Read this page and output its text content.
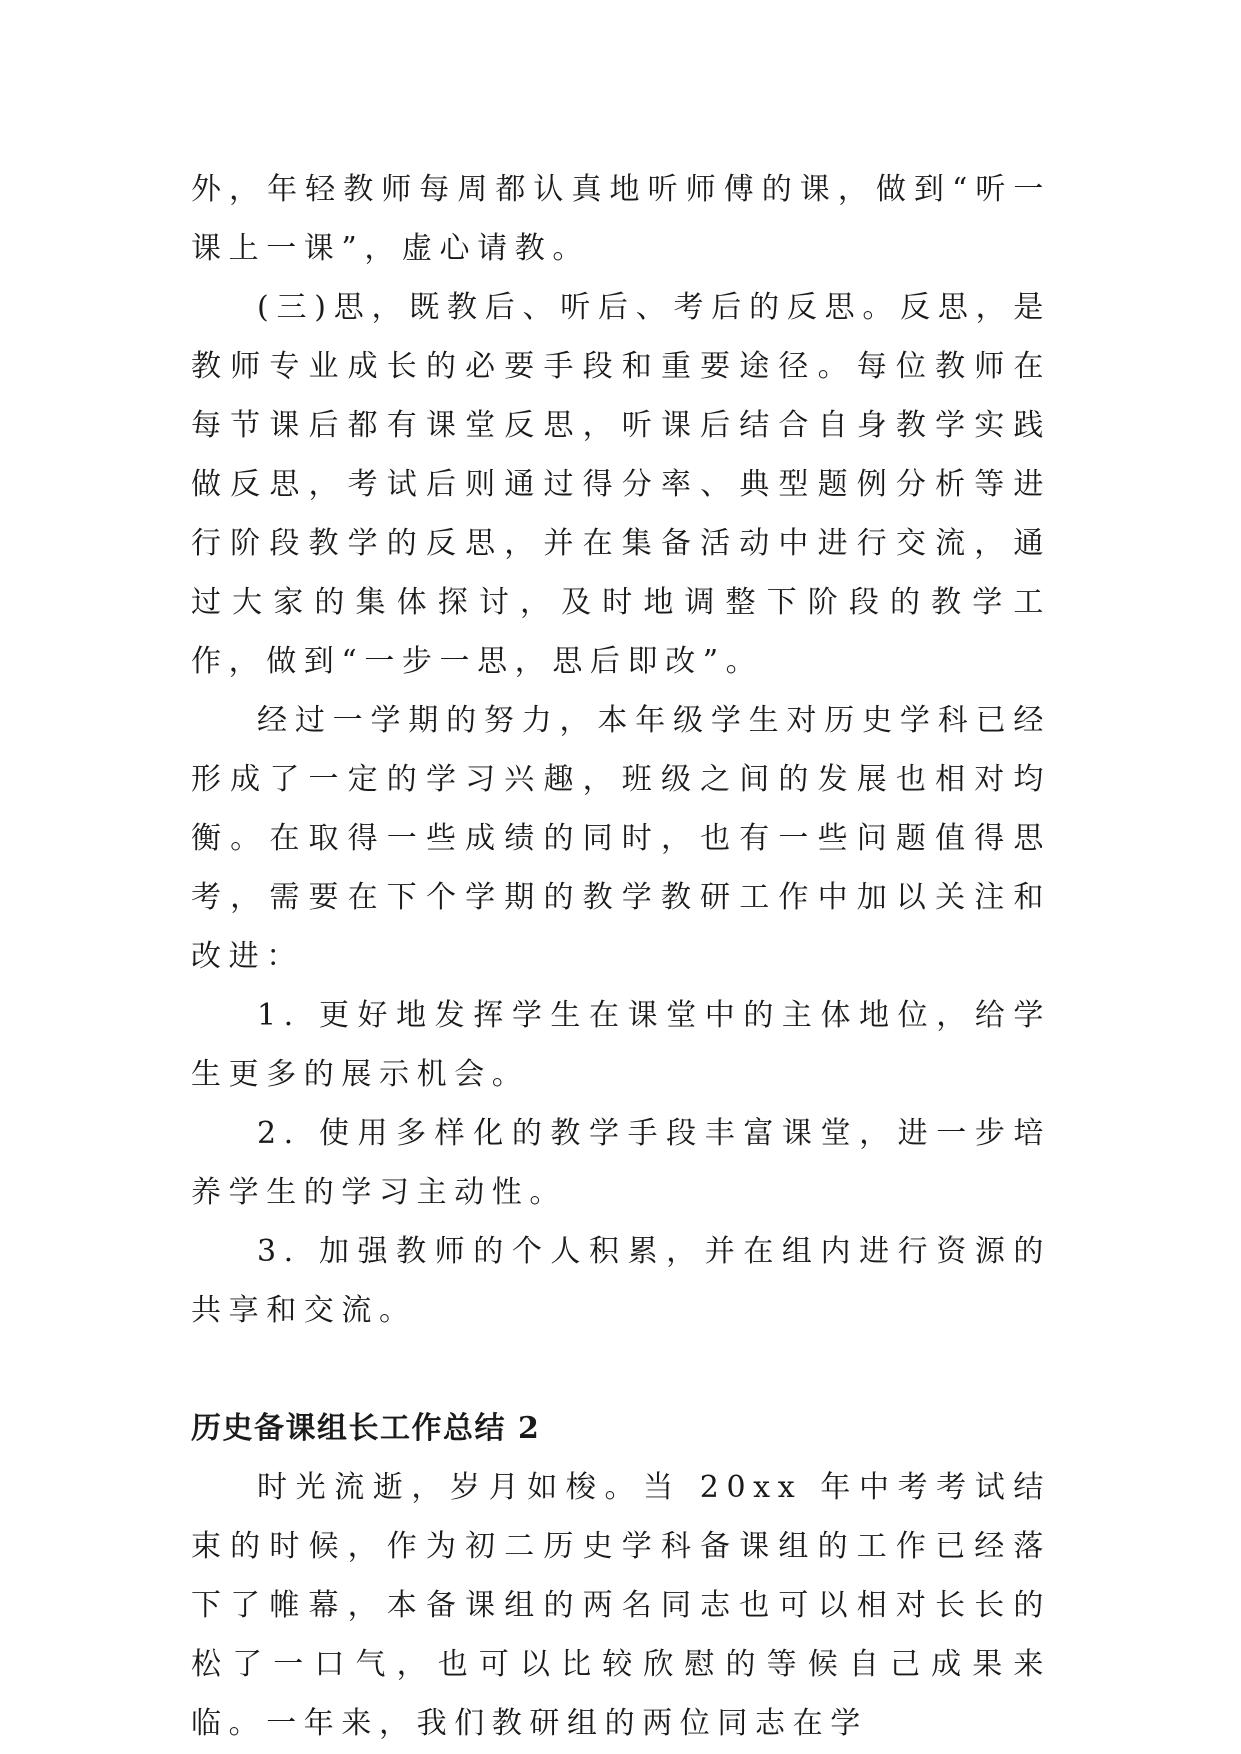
外，年轻教师每周都认真地听师傅的课，做到“听一课上一课”，虚心请教。

(三)思，既教后、听后、考后的反思。反思，是教师专业成长的必要手段和重要途径。每位教师在每节课后都有课堂反思，听课后结合自身教学实践做反思，考试后则通过得分率、典型题例分析等进行阶段教学的反思，并在集备活动中进行交流，通过大家的集体探讨，及时地调整下阶段的教学工作，做到“一步一思，思后即改”。

经过一学期的努力，本年级学生对历史学科已经形成了一定的学习兴趣，班级之间的发展也相对均衡。在取得一些成绩的同时，也有一些问题值得思考，需要在下个学期的教学教研工作中加以关注和改进：

1. 更好地发挥学生在课堂中的主体地位，给学生更多的展示机会。

2. 使用多样化的教学手段丰富课堂，进一步培养学生的学习主动性。

3. 加强教师的个人积累，并在组内进行资源的共享和交流。

历史备课组长工作总结 2

时光流逝，岁月如梭。当 20xx 年中考考试结束的时候，作为初二历史学科备课组的工作已经落下了帷幕，本备课组的两名同志也可以相对长长的松了一口气，也可以比较欣慰的等候自己成果来临。一年来，我们教研组的两位同志在学
